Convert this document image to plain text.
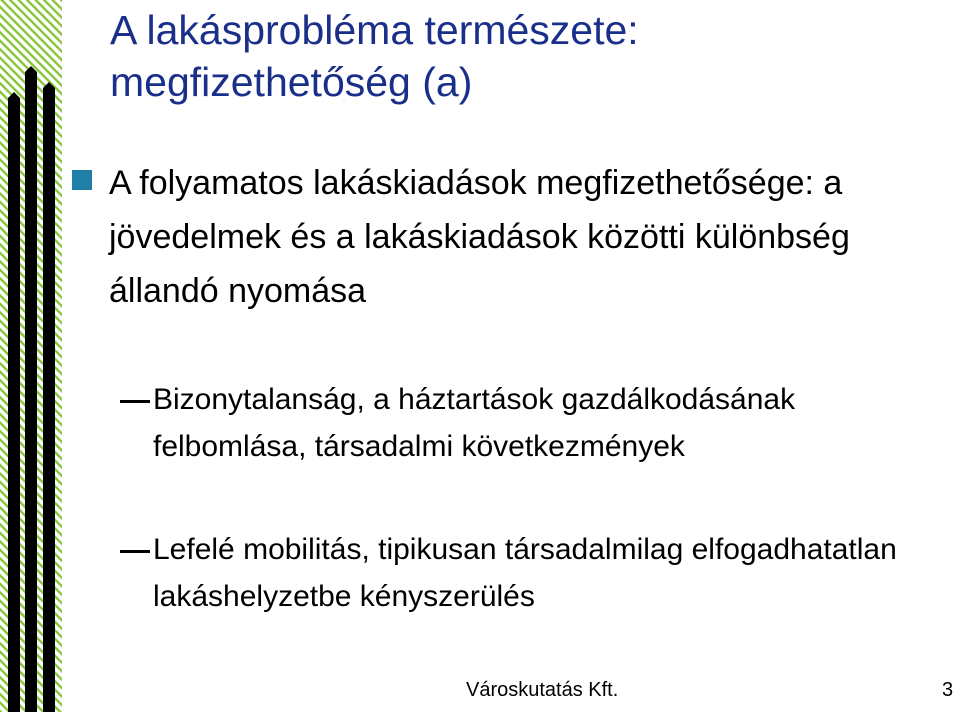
A lakásprobléma természete: megfizethetőség (a)
A folyamatos lakáskiadások megfizethetősége: a jövedelmek és a lakáskiadások közötti különbség állandó nyomása
Bizonytalanság, a háztartások gazdálkodásának felbomlása, társadalmi következmények
Lefelé mobilitás, tipikusan társadalmilag elfogadhatatlan lakáshelyzetbe kényszerülés
Városkutatás Kft.	3
